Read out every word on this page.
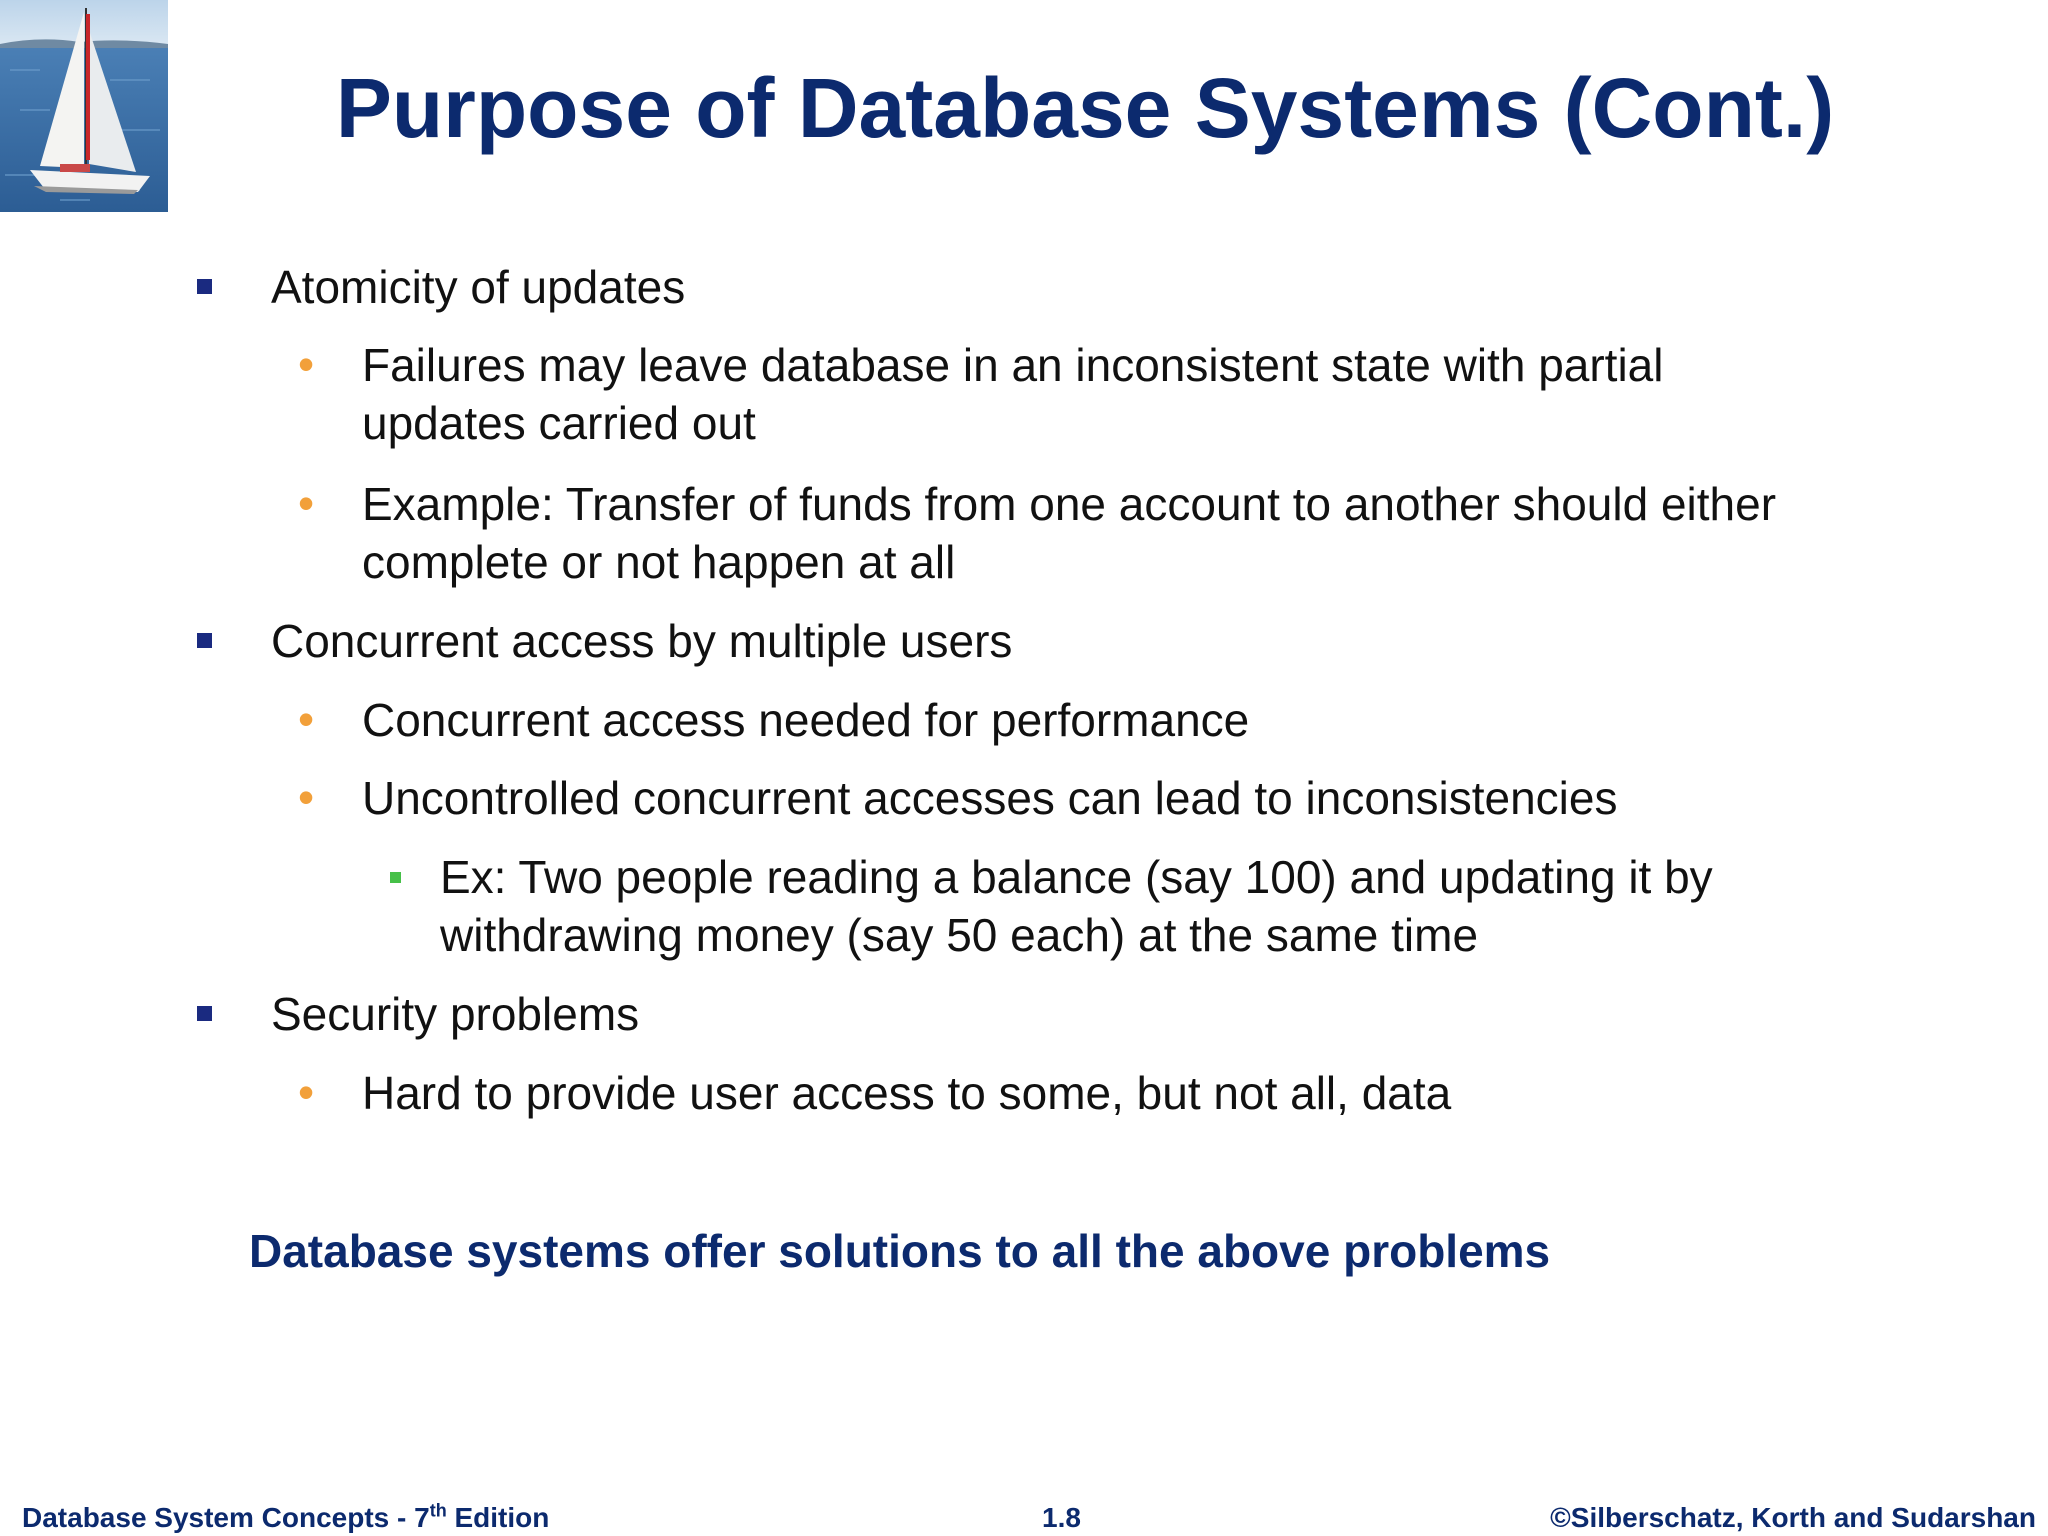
Purpose of Database Systems (Cont.)
Atomicity of updates
• Failures may leave database in an inconsistent state with partial
updates carried out
• Example: Transfer of funds from one account to another should either
complete or not happen at all
Concurrent access by multiple users
• Concurrent access needed for performance
• Uncontrolled concurrent accesses can lead to inconsistencies
Ex: Two people reading a balance (say 100) and updating it by
withdrawing money (say 50 each) at the same time
Security problems
• Hard to provide user access to some, but not all, data
Database systems offer solutions to all the above problems
Database System Concepts - 7th Edition	1.8	©Silberschatz, Korth and Sudarshan
